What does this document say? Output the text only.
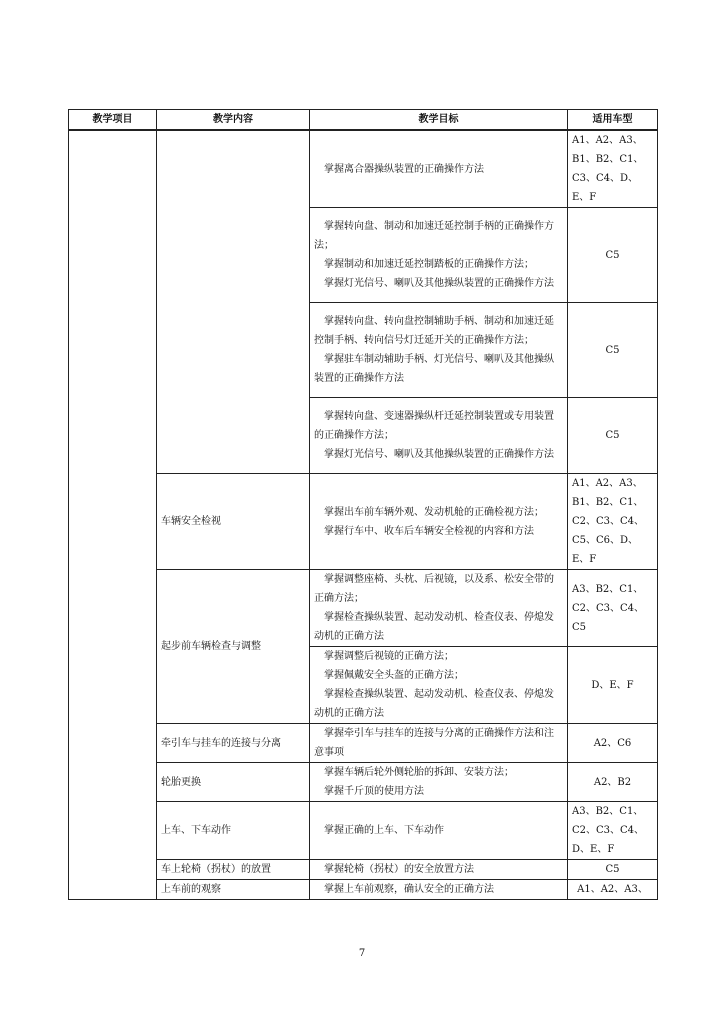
教学项目	教学内容	教学目标	适用车型

		掌握离合器操纵装置的正确操作方法	A1、A2、A3、B1、B2、C1、C3、C4、D、E、F

		掌握转向盘、制动和加速迁延控制手柄的正确操作方法；
掌握制动和加速迁延控制踏板的正确操作方法；
掌握灯光信号、喇叭及其他操纵装置的正确操作方法	C5

		掌握转向盘、转向盘控制辅助手柄、制动和加速迁延控制手柄、转向信号灯迁延开关的正确操作方法；
掌握驻车制动辅助手柄、灯光信号、喇叭及其他操纵装置的正确操作方法	C5

		掌握转向盘、变速器操纵杆迁延控制装置或专用装置的正确操作方法；
掌握灯光信号、喇叭及其他操纵装置的正确操作方法	C5
	车辆安全检视	掌握出车前车辆外观、发动机舱的正确检视方法；
掌握行车中、收车后车辆安全检视的内容和方法	A1、A2、A3、B1、B2、C1、C2、C3、C4、C5、C6、D、E、F
	起步前车辆检查与调整	掌握调整座椅、头枕、后视镜，以及系、松安全带的正确方法；
掌握检查操纵装置、起动发动机、检查仪表、停熄发动机的正确方法	A3、B2、C1、C2、C3、C4、C5

		掌握调整后视镜的正确方法；
掌握佩戴安全头盔的正确方法；
掌握检查操纵装置、起动发动机、检查仪表、停熄发动机的正确方法	D、E、F
	牵引车与挂车的连接与分离	掌握牵引车与挂车的连接与分离的正确操作方法和注意事项	A2、C6
	轮胎更换	掌握车辆后轮外侧轮胎的拆卸、安装方法；
掌握千斤顶的使用方法	A2、B2
	上车、下车动作	掌握正确的上车、下车动作	A3、B2、C1、C2、C3、C4、D、E、F
	车上轮椅（拐杖）的放置	掌握轮椅（拐杖）的安全放置方法	C5
	上车前的观察	掌握上车前观察，确认安全的正确方法	A1、A2、A3、
7
